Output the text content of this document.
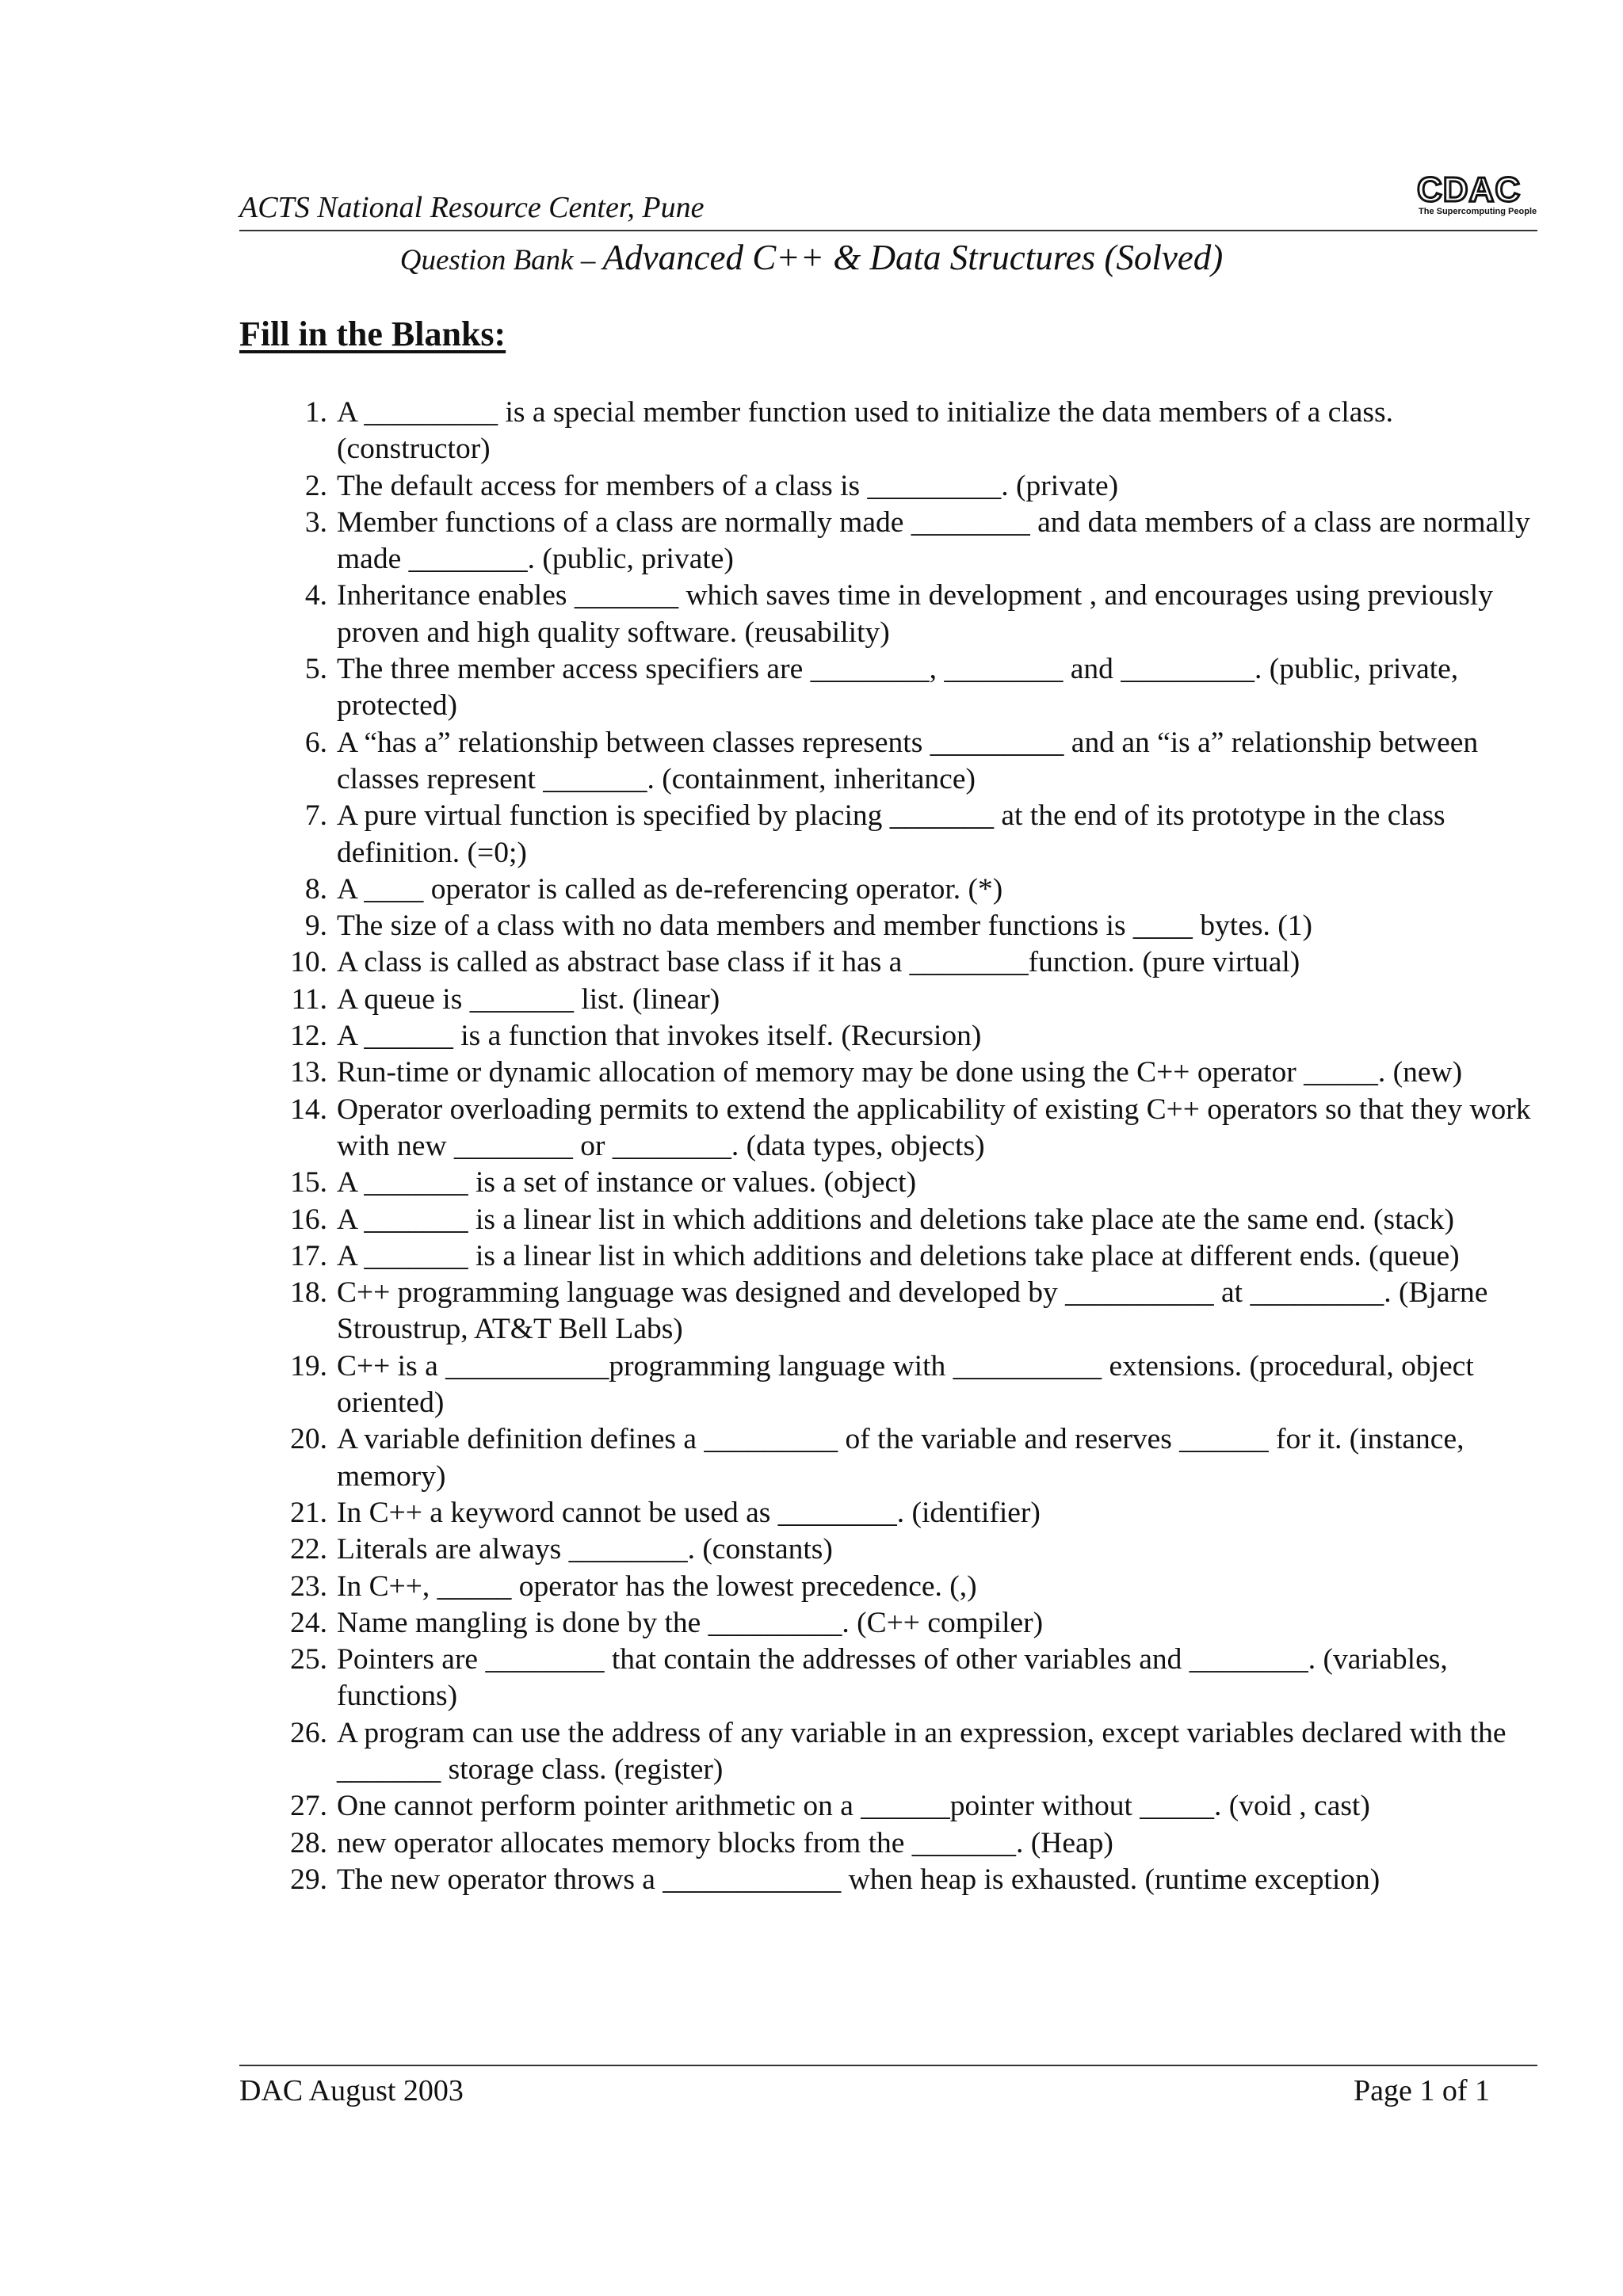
ACTS National Resource Center, Pune	CDAC
The Supercomputing People
Question Bank – Advanced C++ & Data Structures (Solved)
Fill in the Blanks:
1. A _________ is a special member function used to initialize the data members of a class. (constructor)
2. The default access for members of a class is _________. (private)
3. Member functions of a class are normally made ________ and data members of a class are normally made ________. (public, private)
4. Inheritance enables _______ which saves time in development , and encourages using previously proven and high quality software. (reusability)
5. The three member access specifiers are ________, ________ and _________. (public, private, protected)
6. A “has a” relationship between classes represents _________ and an “is a” relationship between classes represent _______. (containment, inheritance)
7. A pure virtual function is specified by placing _______ at the end of its prototype in the class definition. (=0;)
8. A ____ operator is called as de-referencing operator. (*)
9. The size of a class with no data members and member functions is ____ bytes. (1)
10. A class is called as abstract base class if it has a ________function. (pure virtual)
11. A queue is _______ list. (linear)
12. A ______ is a function that invokes itself. (Recursion)
13. Run-time or dynamic allocation of memory may be done using the C++ operator _____. (new)
14. Operator overloading permits to extend the applicability of existing C++ operators so that they work with new ________ or ________. (data types, objects)
15. A _______ is a set of instance or values. (object)
16. A _______ is a linear list in which additions and deletions take place ate the same end. (stack)
17. A _______ is a linear list in which additions and deletions take place at different ends. (queue)
18. C++ programming language was designed and developed by __________ at _________. (Bjarne Stroustrup, AT&T Bell Labs)
19. C++ is a ___________programming language with __________ extensions. (procedural, object oriented)
20. A variable definition defines a _________ of the variable and reserves ______ for it. (instance, memory)
21. In C++ a keyword cannot be used as ________. (identifier)
22. Literals are always ________. (constants)
23. In C++, _____ operator has the lowest precedence. (,)
24. Name mangling is done by the _________. (C++ compiler)
25. Pointers are ________ that contain the addresses of other variables and ________. (variables, functions)
26. A program can use the address of any variable in an expression, except variables declared with the _______ storage class. (register)
27. One cannot perform pointer arithmetic on a ______pointer without _____. (void , cast)
28. new operator allocates memory blocks from the _______. (Heap)
29. The new operator throws a ____________ when heap is exhausted. (runtime exception)
DAC August 2003	Page 1 of 1
